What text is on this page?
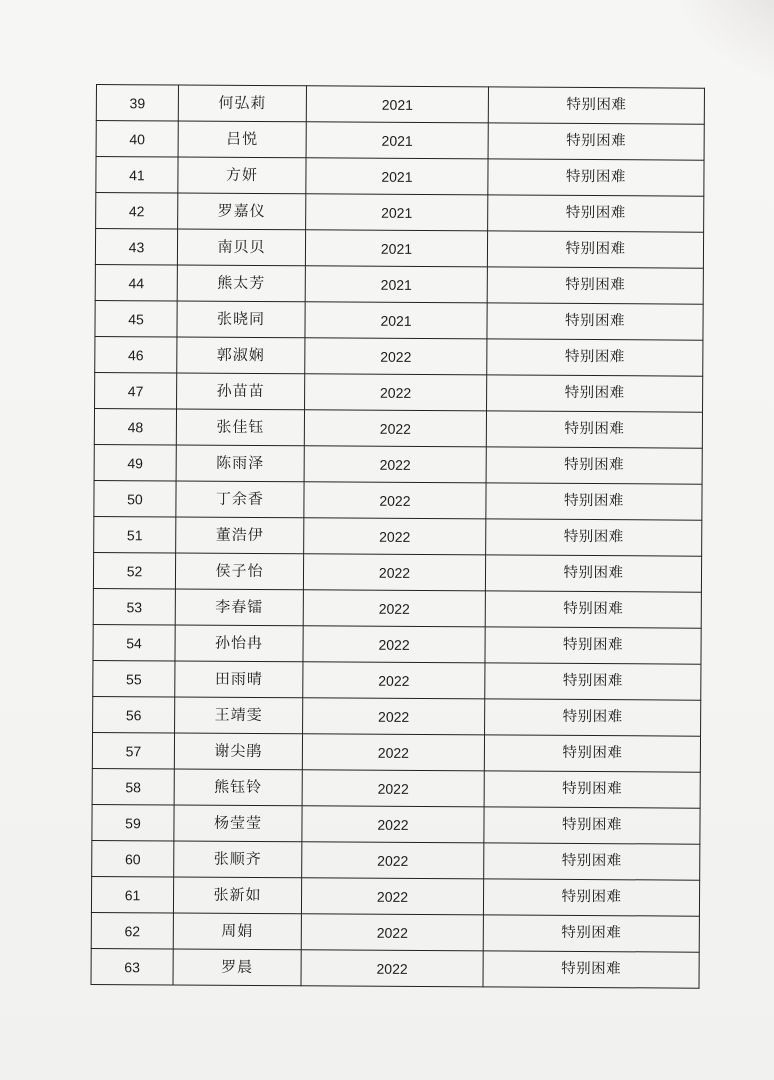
39	何弘莉	2021	特别困难
40	吕悦	2021	特别困难
41	方妍	2021	特别困难
42	罗嘉仪	2021	特别困难
43	南贝贝	2021	特别困难
44	熊太芳	2021	特别困难
45	张晓同	2021	特别困难
46	郭淑娴	2022	特别困难
47	孙苗苗	2022	特别困难
48	张佳钰	2022	特别困难
49	陈雨泽	2022	特别困难
50	丁余香	2022	特别困难
51	董浩伊	2022	特别困难
52	侯子怡	2022	特别困难
53	李春镭	2022	特别困难
54	孙怡冉	2022	特别困难
55	田雨晴	2022	特别困难
56	王靖雯	2022	特别困难
57	谢尖鹃	2022	特别困难
58	熊钰铃	2022	特别困难
59	杨莹莹	2022	特别困难
60	张顺齐	2022	特别困难
61	张新如	2022	特别困难
62	周娟	2022	特别困难
63	罗晨	2022	特别困难
